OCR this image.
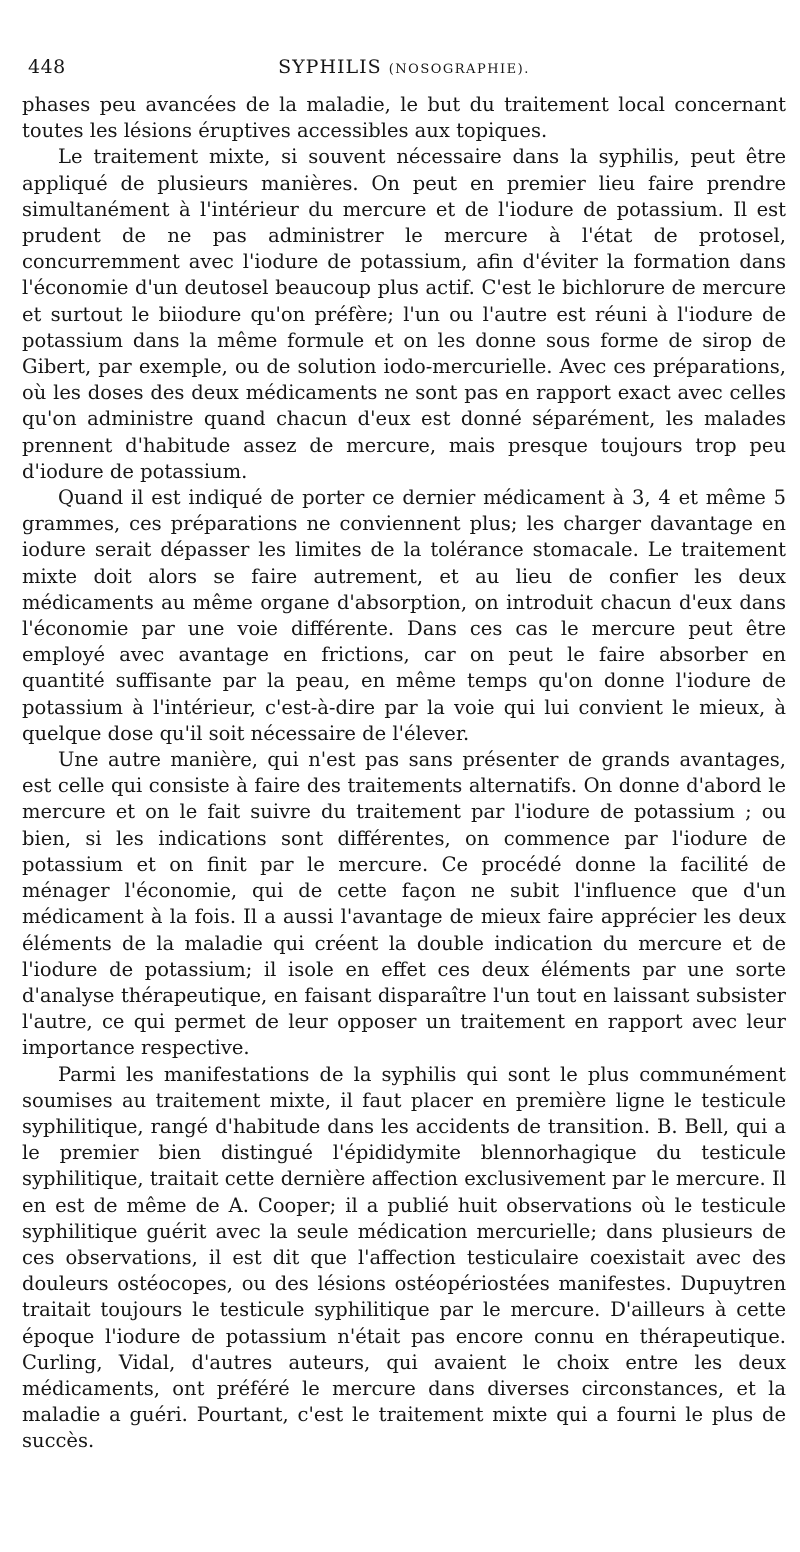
448	SYPHILIS (NOSOGRAPHIE).

phases peu avancées de la maladie, le but du traitement local concernant toutes les lésions éruptives accessibles aux topiques.

Le traitement mixte, si souvent nécessaire dans la syphilis, peut être appliqué de plusieurs manières. On peut en premier lieu faire prendre simultanément à l'intérieur du mercure et de l'iodure de potassium. Il est prudent de ne pas administrer le mercure à l'état de protosel, concurremment avec l'iodure de potassium, afin d'éviter la formation dans l'économie d'un deutosel beaucoup plus actif. C'est le bichlorure de mercure et surtout le biiodure qu'on préfère; l'un ou l'autre est réuni à l'iodure de potassium dans la même formule et on les donne sous forme de sirop de Gibert, par exemple, ou de solution iodo-mercurielle. Avec ces préparations, où les doses des deux médicaments ne sont pas en rapport exact avec celles qu'on administre quand chacun d'eux est donné séparément, les malades prennent d'habitude assez de mercure, mais presque toujours trop peu d'iodure de potassium.

Quand il est indiqué de porter ce dernier médicament à 3, 4 et même 5 grammes, ces préparations ne conviennent plus; les charger davantage en iodure serait dépasser les limites de la tolérance stomacale. Le traitement mixte doit alors se faire autrement, et au lieu de confier les deux médicaments au même organe d'absorption, on introduit chacun d'eux dans l'économie par une voie différente. Dans ces cas le mercure peut être employé avec avantage en frictions, car on peut le faire absorber en quantité suffisante par la peau, en même temps qu'on donne l'iodure de potassium à l'intérieur, c'est-à-dire par la voie qui lui convient le mieux, à quelque dose qu'il soit nécessaire de l'élever.

Une autre manière, qui n'est pas sans présenter de grands avantages, est celle qui consiste à faire des traitements alternatifs. On donne d'abord le mercure et on le fait suivre du traitement par l'iodure de potassium ; ou bien, si les indications sont différentes, on commence par l'iodure de potassium et on finit par le mercure. Ce procédé donne la facilité de ménager l'économie, qui de cette façon ne subit l'influence que d'un médicament à la fois. Il a aussi l'avantage de mieux faire apprécier les deux éléments de la maladie qui créent la double indication du mercure et de l'iodure de potassium; il isole en effet ces deux éléments par une sorte d'analyse thérapeutique, en faisant disparaître l'un tout en laissant subsister l'autre, ce qui permet de leur opposer un traitement en rapport avec leur importance respective.

Parmi les manifestations de la syphilis qui sont le plus communément soumises au traitement mixte, il faut placer en première ligne le testicule syphilitique, rangé d'habitude dans les accidents de transition. B. Bell, qui a le premier bien distingué l'épididymite blennorhagique du testicule syphilitique, traitait cette dernière affection exclusivement par le mercure. Il en est de même de A. Cooper; il a publié huit observations où le testicule syphilitique guérit avec la seule médication mercurielle; dans plusieurs de ces observations, il est dit que l'affection testiculaire coexistait avec des douleurs ostéocopes, ou des lésions ostéopériostées manifestes. Dupuytren traitait toujours le testicule syphilitique par le mercure. D'ailleurs à cette époque l'iodure de potassium n'était pas encore connu en thérapeutique. Curling, Vidal, d'autres auteurs, qui avaient le choix entre les deux médicaments, ont préféré le mercure dans diverses circonstances, et la maladie a guéri. Pourtant, c'est le traitement mixte qui a fourni le plus de succès.
